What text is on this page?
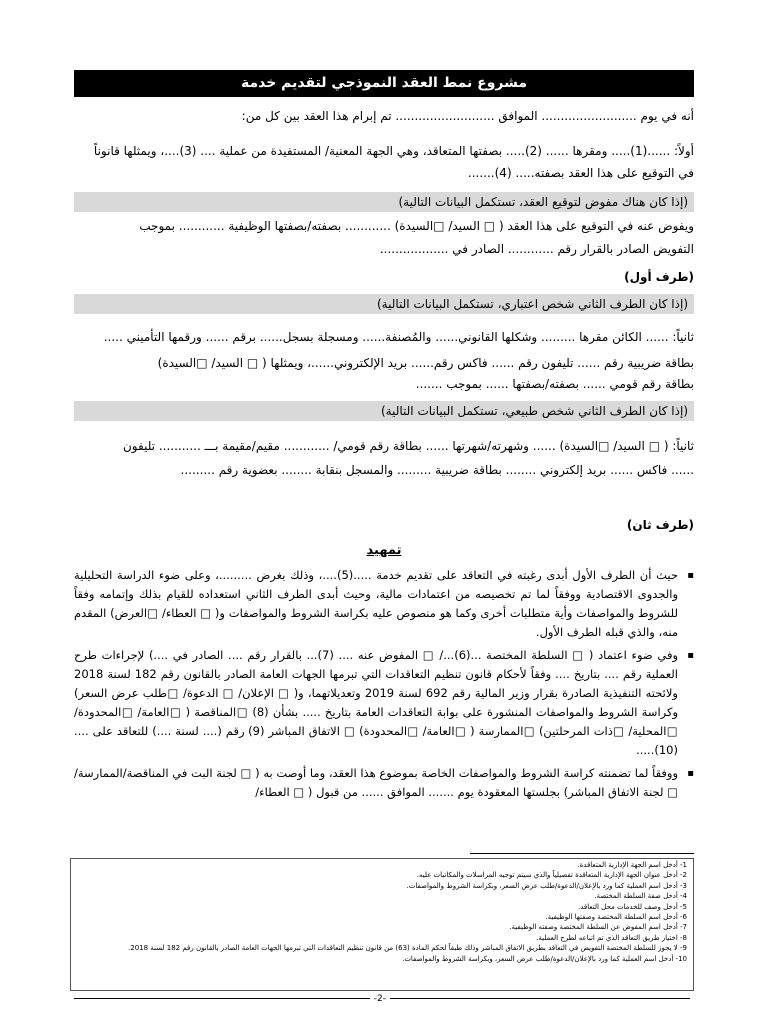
مشروع نمط العقد النموذجي لتقديم خدمة
أنه في يوم ......................... الموافق .......................... تم إبرام هذا العقد بين كل من:
أولاً: ......(1)..... ومقرها ...... (2)..... بصفتها المتعاقد، وهي الجهة المعنية/ المستفيدة من عملية .... (3)....، ويمثلها قانوناً
في التوقيع على هذا العقد بصفته..... (4).......
(إذا كان هناك مفوض لتوقيع العقد، تستكمل البيانات التالية)
ويفوض عنه في التوقيع على هذا العقد ( □ السيد/ □السيدة) ............ بصفته/بصفتها الوظيفية ............ بموجب
التفويض الصادر بالقرار رقم ............ الصادر في ..................
(طرف أول)
(إذا كان الطرف الثاني شخص اعتباري، تستكمل البيانات التالية)
ثانياً: ...... الكائن مقرها ......... وشكلها القانوني...... والمُصنفة...... ومسجلة بسجل...... برقم ...... ورقمها التأميني .....
بطاقة ضريبية رقم ...... تليفون رقم ...... فاكس رقم...... بريد الإلكتروني......، ويمثلها ( □ السيد/ □السيدة)
بطاقة رقم قومي ...... بصفته/بصفتها ...... بموجب .......
(إذا كان الطرف الثاني شخص طبيعي، تستكمل البيانات التالية)
ثانياً: ( □ السيد/ □السيدة) ...... وشهرته/شهرتها ...... بطاقة رقم قومي/ ............ مقيم/مقيمة بـــ ........... تليفون
...... فاكس ...... بريد إلكتروني ........ بطاقة ضريبية ......... والمسجل بنقابة ........ بعضوية رقم .........
(طرف ثان)
تمهيد

▪ حيث أن الطرف الأول أبدى رغبته في التعاقد على تقديم خدمة .....(5)....، وذلك بغرض .........، وعلى ضوء الدراسة التحليلية والجدوى الاقتصادية ووفقاً لما تم تخصيصه من اعتمادات مالية، وحيث أبدى الطرف الثاني استعداده للقيام بذلك وإتمامه وفقاً للشروط والمواصفات وأية متطلبات أخرى وكما هو منصوص عليه بكراسة الشروط والمواصفات و( □ العطاء/ □العرض) المقدم منه، والذي قبله الطرف الأول.

▪ وفي ضوء اعتماد ( □ السلطة المختصة ...(6).../ □ المفوض عنه .... (7)... بالقرار رقم .... الصادر في ....) لإجراءات طرح العملية رقم .... بتاريخ .... وفقاً لأحكام قانون تنظيم التعاقدات التي تبرمها الجهات العامة الصادر بالقانون رقم 182 لسنة 2018 ولائحته التنفيذية الصادرة بقرار وزير المالية رقم 692 لسنة 2019 وتعديلاتهما، و( □ الإعلان/ □ الدعوة/ □طلب عرض السعر) وكراسة الشروط والمواصفات المنشورة على بوابة التعاقدات العامة بتاريخ ..... بشأن (8) □المناقصة ( □العامة/ □المحدودة/ □المحلية/ □ذات المرحلتين) □الممارسة ( □العامة/ □المحدودة) □ الاتفاق المباشر (9) رقم (.... لسنة ....) للتعاقد على ....(10).....

▪ ووفقاً لما تضمنته كراسة الشروط والمواصفات الخاصة بموضوع هذا العقد، وما أوصت به ( □ لجنة البت في المناقصة/الممارسة/ □ لجنة الاتفاق المباشر) بجلستها المعقودة يوم ....... الموافق ...... من قبول ( □ العطاء/

1- أدخل اسم الجهة الإدارية المتعاقدة.
2- أدخل عنوان الجهة الإدارية المتعاقدة تفصيلياً والذي سيتم توجيه المراسلات والمكاتبات عليه.
3- أدخل اسم العملية كما ورد بالإعلان/الدعوة/طلب عرض السعر، وبكراسة الشروط والمواصفات.
4- أدخل صفة السلطة المختصة.
5- أدخل وصف للخدمات محل التعاقد.
6- أدخل اسم السلطة المختصة وصفتها الوظيفية.
7- أدخل اسم المفوض عن السلطة المختصة وصفته الوظيفية.
8- اختيار طريق التعاقد الذي تم اتباعه لطرح العملية.
9- لا يجوز للسلطة المختصة التفويض في التعاقد بطريق الاتفاق المباشر وذلك طبقاً لحكم المادة (63) من قانون تنظيم التعاقدات التي تبرمها الجهات العامة الصادر بالقانون رقم 182 لسنة 2018.
10- أدخل اسم العملية كما ورد بالإعلان/الدعوة/طلب عرض السعر، وبكراسة الشروط والمواصفات.
-2-
